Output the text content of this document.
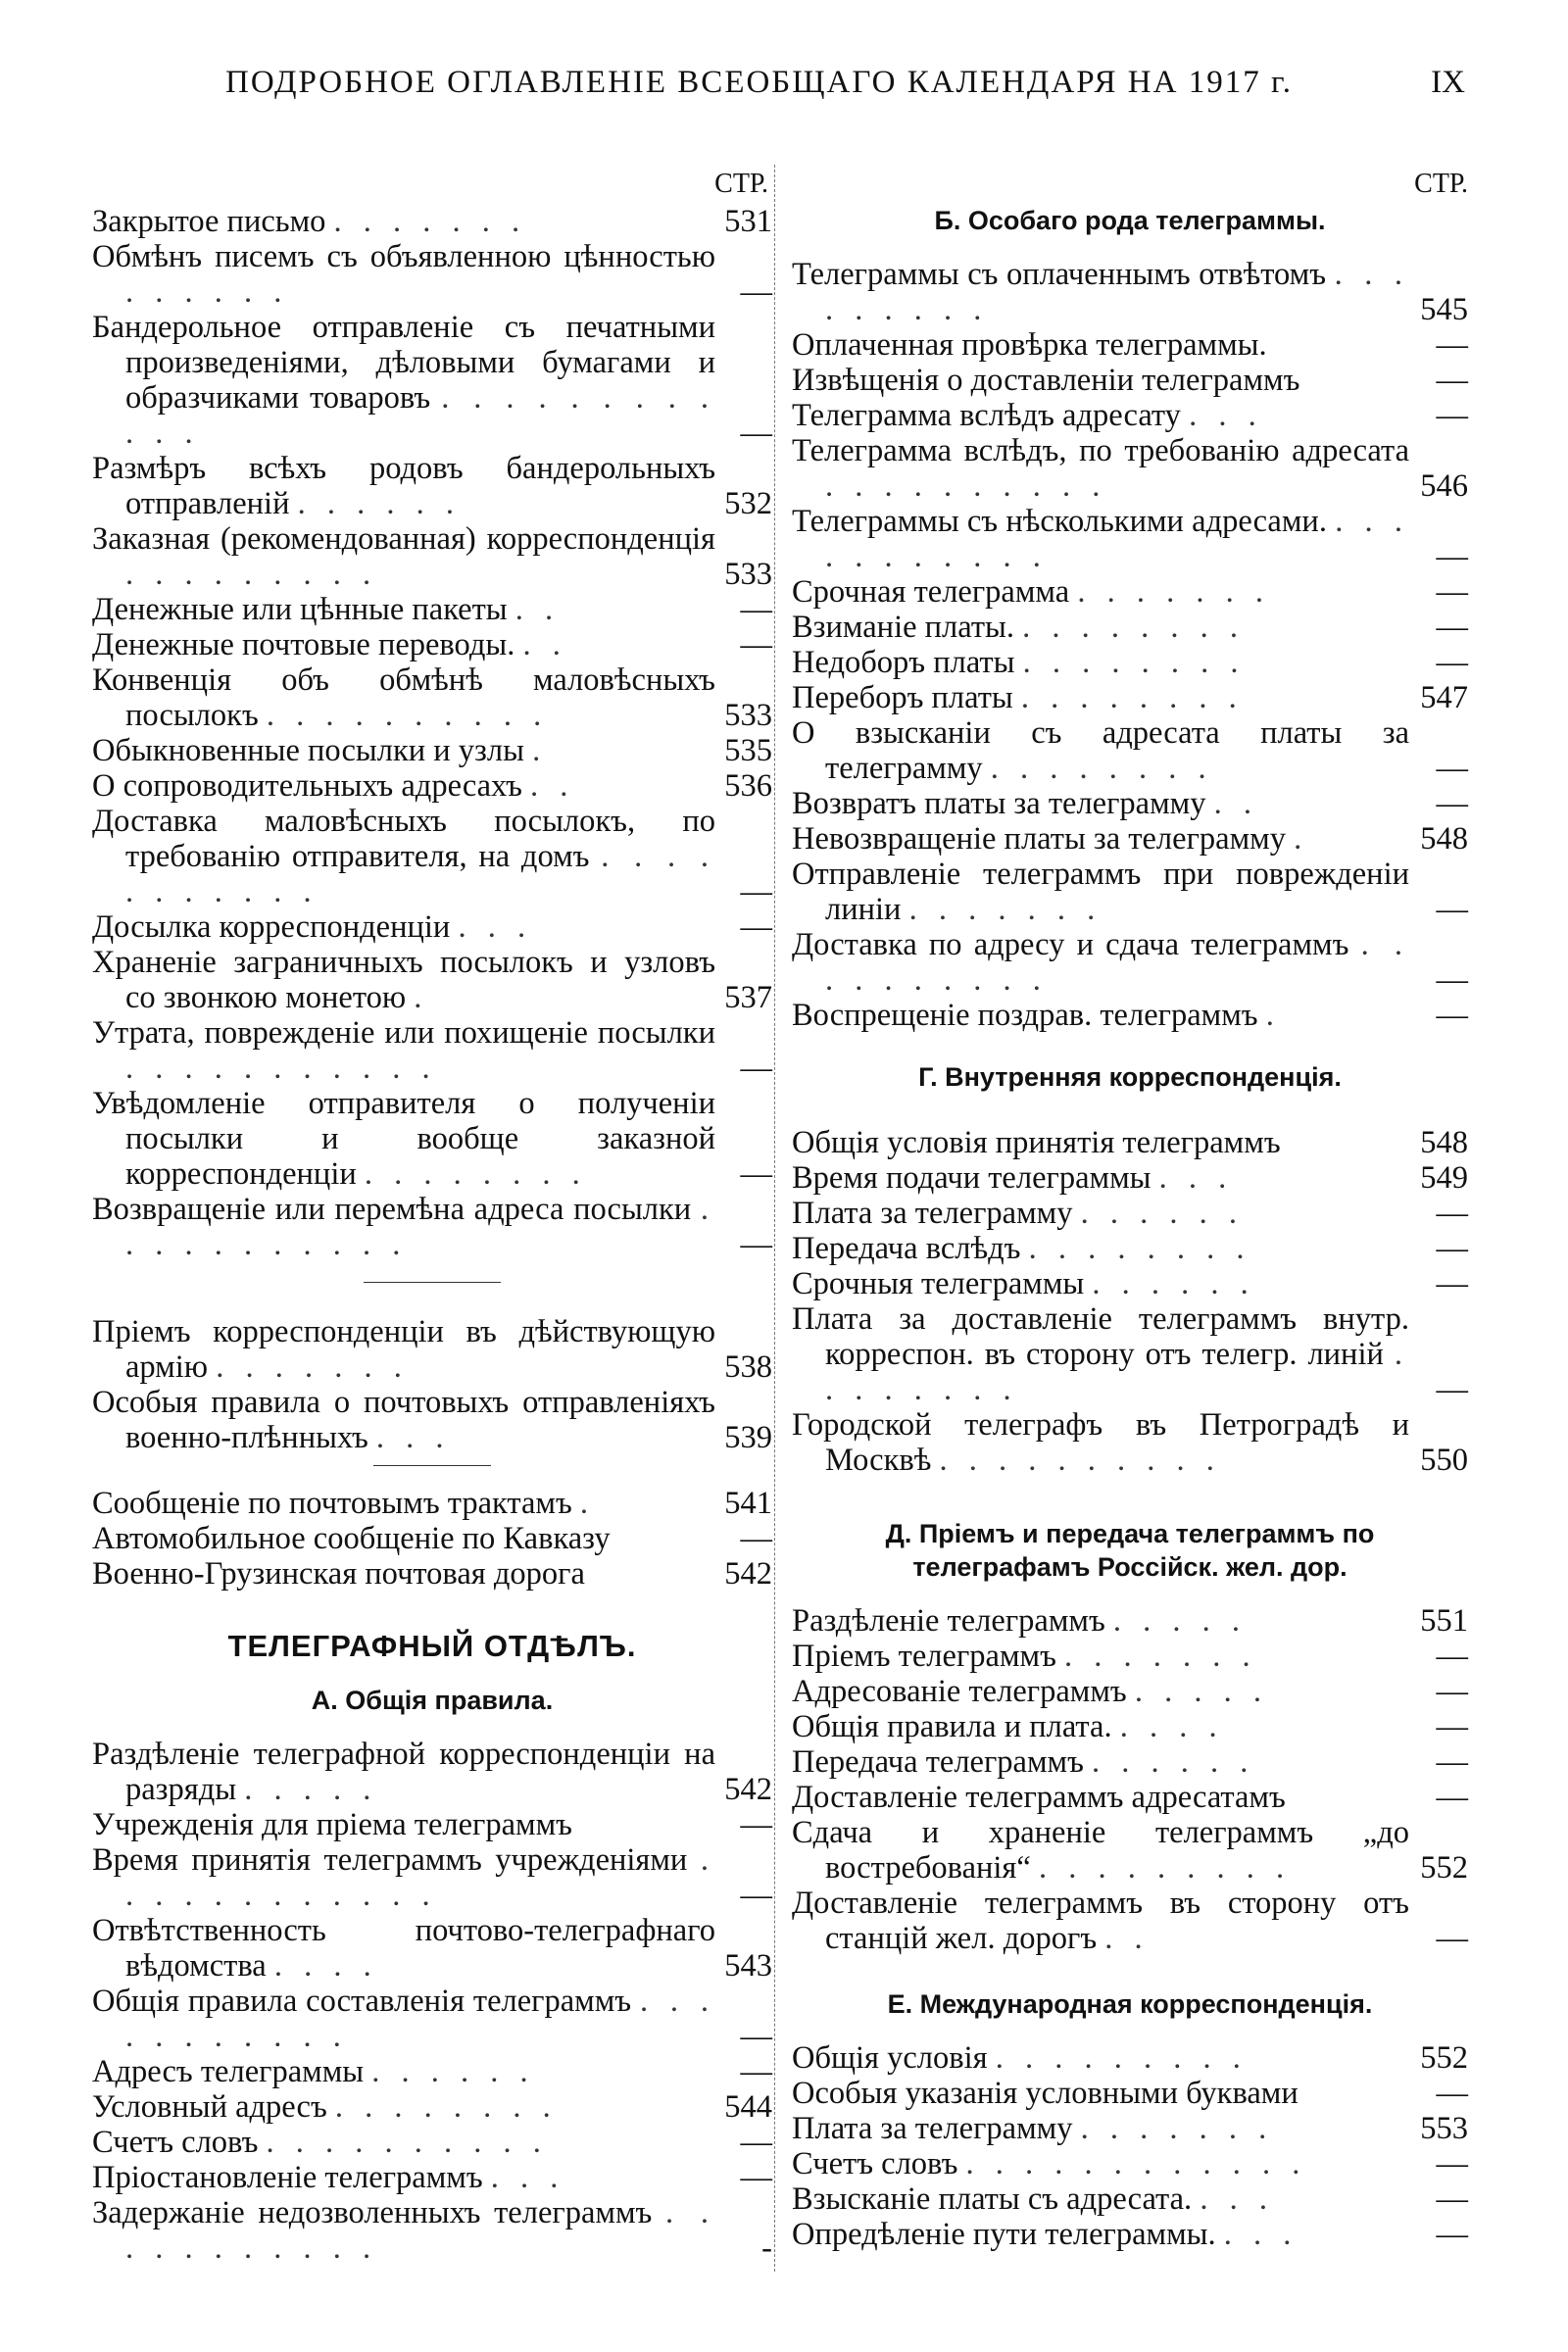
ПОДРОБНОЕ ОГЛАВЛЕНІЕ ВСЕОБЩАГО КАЛЕНДАРЯ НА 1917 г.	IX
СТР.
Закрытое письмо . . . . . . .	531
Обмѣнъ писемъ съ объявленною цѣнностью . . . . . .	—
Бандерольное отправленіе съ печатными произведеніями, дѣловыми бумагами и образчиками товаровъ . . . . . . . . . . . .	—
Размѣръ всѣхъ родовъ бандерольныхъ отправленій . . . . . .	532
Заказная (рекомендованная) корреспонденція . . . . . . . . .	533
Денежные или цѣнные пакеты . .	—
Денежные почтовые переводы. . .	—
Конвенція объ обмѣнѣ маловѣсныхъ посылокъ . . . . . . . . . .	533
Обыкновенные посылки и узлы .	535
О сопроводительныхъ адресахъ . .	536
Доставка маловѣсныхъ посылокъ, по требованію отправителя, на домъ . . . . . . . . . . .	—
Досылка корреспонденціи . . .	—
Храненіе заграничныхъ посылокъ и узловъ со звонкою монетою .	537
Утрата, поврежденіе или похищеніе посылки . . . . . . . . . . .	—
Увѣдомленіе отправителя о полученіи посылки и вообще заказной корреспонденціи . . . . . . . .	—
Возвращеніе или перемѣна адреса посылки . . . . . . . . . . .	—
Пріемъ корреспонденціи въ дѣйствующую армію . . . . . . .	538
Особыя правила о почтовыхъ отправленіяхъ военно-плѣнныхъ . . .	539
Сообщеніе по почтовымъ трактамъ .	541
Автомобильное сообщеніе по Кавказу	—
Военно-Грузинская почтовая дорога	542
ТЕЛЕГРАФНЫЙ ОТДѢЛЪ.
А. Общія правила.
Раздѣленіе телеграфной корреспонденціи на разряды . . . . .	542
Учрежденія для пріема телеграммъ	—
Время принятія телеграммъ учрежденіями . . . . . . . . . . . .	—
Отвѣтственность почтово-телеграфнаго вѣдомства . . . .	543
Общія правила составленія телеграммъ . . . . . . . . . . .	—
Адресъ телеграммы . . . . . .	—
Условный адресъ . . . . . . . .	544
Счетъ словъ . . . . . . . . . .	—
Пріостановленіе телеграммъ . . .	—
Задержаніе недозволенныхъ телеграммъ . . . . . . . . . . .	-
СТР.
Б. Особаго рода телеграммы.
Телеграммы съ оплаченнымъ отвѣтомъ . . . . . . . . .	545
Оплаченная провѣрка телеграммы.	—
Извѣщенія о доставленіи телеграммъ	—
Телеграмма вслѣдъ адресату . . .	—
Телеграмма вслѣдъ, по требованію адресата . . . . . . . . . .	546
Телеграммы съ нѣсколькими адресами. . . . . . . . . . . .	—
Срочная телеграмма . . . . . . .	—
Взиманіе платы. . . . . . . . .	—
Недоборъ платы . . . . . . . .	—
Переборъ платы . . . . . . . .	547
О взысканіи съ адресата платы за телеграмму . . . . . . . .	—
Возвратъ платы за телеграмму . .	—
Невозвращеніе платы за телеграмму .	548
Отправленіе телеграммъ при поврежденіи линіи . . . . . . .	—
Доставка по адресу и сдача телеграммъ . . . . . . . . . .	—
Воспрещеніе поздрав. телеграммъ .	—
Г. Внутренняя корреспонденція.
Общія условія принятія телеграммъ	548
Время подачи телеграммы . . .	549
Плата за телеграмму . . . . . .	—
Передача вслѣдъ . . . . . . . .	—
Срочныя телеграммы . . . . . .	—
Плата за доставленіе телеграммъ внутр. корреспон. въ сторону отъ телегр. линій . . . . . . . .	—
Городской телеграфъ въ Петроградѣ и Москвѣ . . . . . . . . . .	550
Д. Пріемъ и передача телеграммъ по телеграфамъ Россійск. жел. дор.
Раздѣленіе телеграммъ . . . . .	551
Пріемъ телеграммъ . . . . . . .	—
Адресованіе телеграммъ . . . . .	—
Общія правила и плата. . . . .	—
Передача телеграммъ . . . . . .	—
Доставленіе телеграммъ адресатамъ	—
Сдача и храненіе телеграммъ „до востребованія“ . . . . . . . . .	552
Доставленіе телеграммъ въ сторону отъ станцій жел. дорогъ . .	—
Е. Международная корреспонденція.
Общія условія . . . . . . . . .	552
Особыя указанія условными буквами	—
Плата за телеграмму . . . . . . .	553
Счетъ словъ . . . . . . . . . . . .	—
Взысканіе платы съ адресата. . . .	—
Опредѣленіе пути телеграммы. . . .	—
